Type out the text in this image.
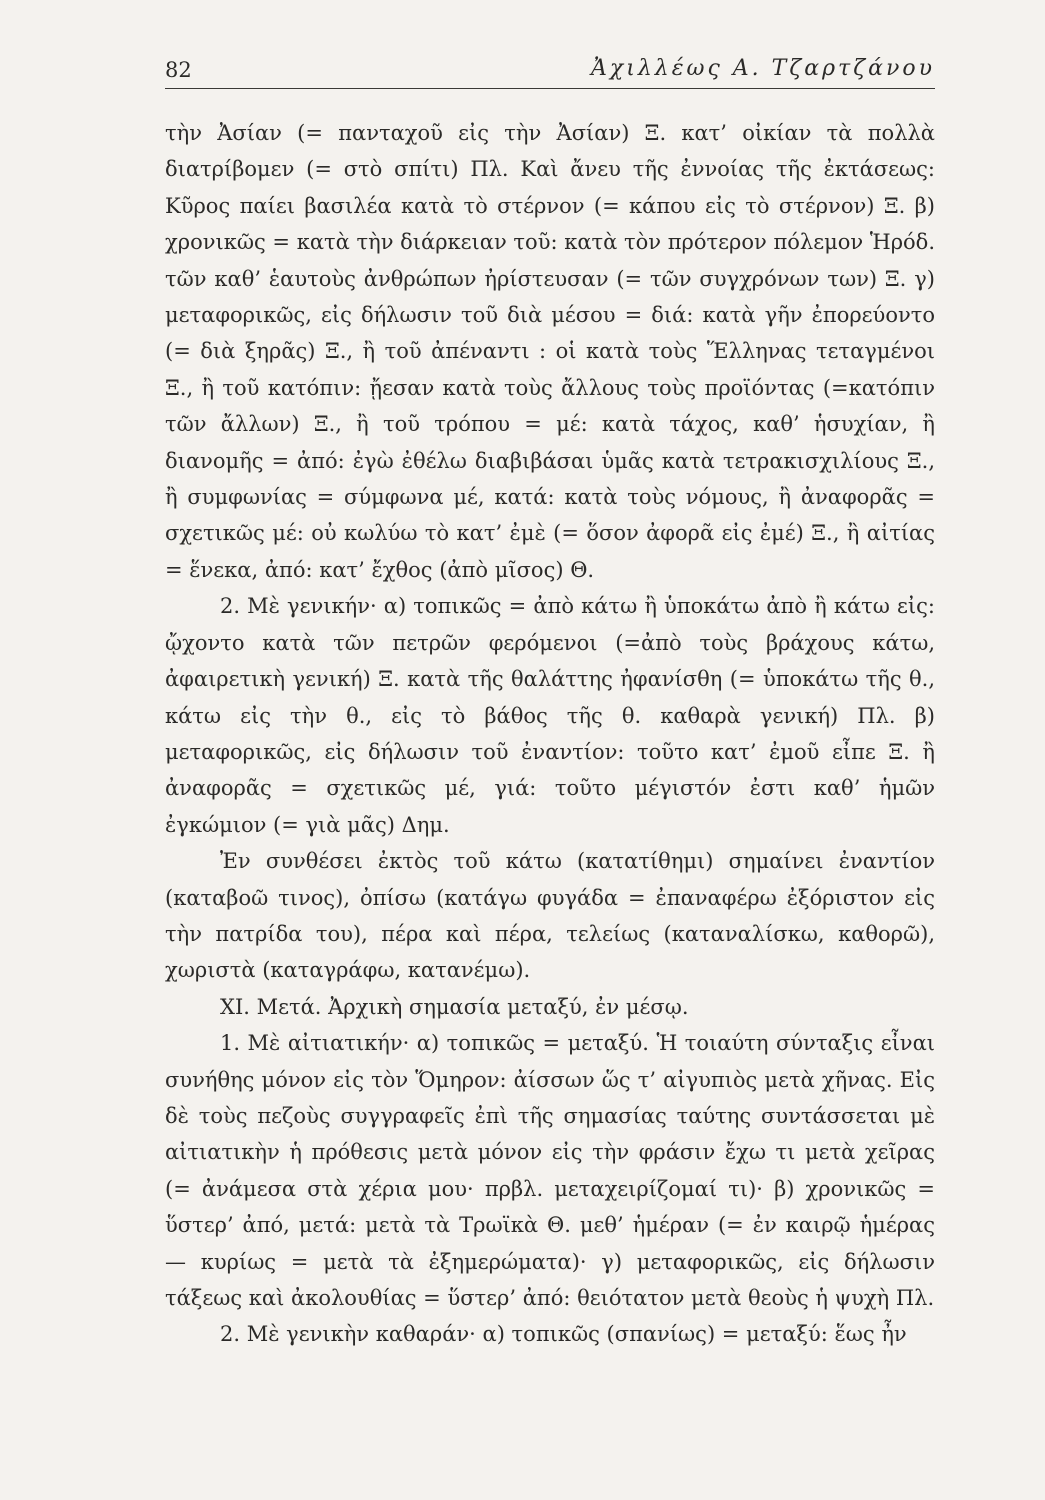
82	Ἀχιλλέως Α. Τζαρτζάνου

τὴν Ἀσίαν (= πανταχοῦ εἰς τὴν Ἀσίαν) Ξ. κατ’ οἰκίαν τὰ πολλὰ διατρίβομεν (= στὸ σπίτι) Πλ. Καὶ ἄνευ τῆς ἐννοίας τῆς ἐκτάσεως: Κῦρος παίει βασιλέα κατὰ τὸ στέρνον (= κάπου εἰς τὸ στέρνον) Ξ. β) χρονικῶς = κατὰ τὴν διάρκειαν τοῦ: κατὰ τὸν πρότερον πόλεμον Ἡρόδ. τῶν καθ’ ἑαυτοὺς ἀνθρώπων ἠρίστευσαν (= τῶν συγχρόνων των) Ξ. γ) μεταφορικῶς, εἰς δήλωσιν τοῦ διὰ μέσου = διά: κατὰ γῆν ἐπορεύοντο (= διὰ ξηρᾶς) Ξ., ἢ τοῦ ἀπέναντι : οἱ κατὰ τοὺς Ἕλληνας τεταγμένοι Ξ., ἢ τοῦ κατόπιν: ᾔεσαν κατὰ τοὺς ἄλλους τοὺς προϊόντας (=κατόπιν τῶν ἄλλων) Ξ., ἢ τοῦ τρόπου = μέ: κατὰ τάχος, καθ’ ἡσυχίαν, ἢ διανομῆς = ἀπό: ἐγὼ ἐθέλω διαβιβάσαι ὑμᾶς κατὰ τετρακισχιλίους Ξ., ἢ συμφωνίας = σύμφωνα μέ, κατά: κατὰ τοὺς νόμους, ἢ ἀναφορᾶς = σχετικῶς μέ: οὐ κωλύω τὸ κατ’ ἐμὲ (= ὅσον ἀφορᾶ εἰς ἐμέ) Ξ., ἢ αἰτίας = ἕνεκα, ἀπό: κατ’ ἔχθος (ἀπὸ μῖσος) Θ.

2. Μὲ γενικήν· α) τοπικῶς = ἀπὸ κάτω ἢ ὑποκάτω ἀπὸ ἢ κάτω εἰς: ᾤχοντο κατὰ τῶν πετρῶν φερόμενοι (=ἀπὸ τοὺς βράχους κάτω, ἀφαιρετικὴ γενική) Ξ. κατὰ τῆς θαλάττης ἠφανίσθη (= ὑποκάτω τῆς θ., κάτω εἰς τὴν θ., εἰς τὸ βάθος τῆς θ. καθαρὰ γενική) Πλ. β) μεταφορικῶς, εἰς δήλωσιν τοῦ ἐναντίον: τοῦτο κατ’ ἐμοῦ εἶπε Ξ. ἢ ἀναφορᾶς = σχετικῶς μέ, γιά: τοῦτο μέγιστόν ἐστι καθ’ ἡμῶν ἐγκώμιον (= γιὰ μᾶς) Δημ.

Ἐν συνθέσει ἐκτὸς τοῦ κάτω (κατατίθημι) σημαίνει ἐναντίον (καταβοῶ τινος), ὀπίσω (κατάγω φυγάδα = ἐπαναφέρω ἐξόριστον εἰς τὴν πατρίδα του), πέρα καὶ πέρα, τελείως (καταναλίσκω, καθορῶ), χωριστὰ (καταγράφω, κατανέμω).

ΧΙ. Μετά. Ἀρχικὴ σημασία μεταξύ, ἐν μέσῳ.

1. Μὲ αἰτιατικήν· α) τοπικῶς = μεταξύ. Ἡ τοιαύτη σύνταξις εἶναι συνήθης μόνον εἰς τὸν Ὅμηρον: ἀίσσων ὥς τ’ αἰγυπιὸς μετὰ χῆνας. Εἰς δὲ τοὺς πεζοὺς συγγραφεῖς ἐπὶ τῆς σημασίας ταύτης συντάσσεται μὲ αἰτιατικὴν ἡ πρόθεσις μετὰ μόνον εἰς τὴν φράσιν ἔχω τι μετὰ χεῖρας (= ἀνάμεσα στὰ χέρια μου· πρβλ. μεταχειρίζομαί τι)· β) χρονικῶς = ὕστερ’ ἀπό, μετά: μετὰ τὰ Τρωϊκὰ Θ. μεθ’ ἡμέραν (= ἐν καιρῷ ἡμέρας — κυρίως = μετὰ τὰ ἐξημερώματα)· γ) μεταφορικῶς, εἰς δήλωσιν τάξεως καὶ ἀκολουθίας = ὕστερ’ ἀπό: θειότατον μετὰ θεοὺς ἡ ψυχὴ Πλ.

2. Μὲ γενικὴν καθαράν· α) τοπικῶς (σπανίως) = μεταξύ: ἕως ἦν
